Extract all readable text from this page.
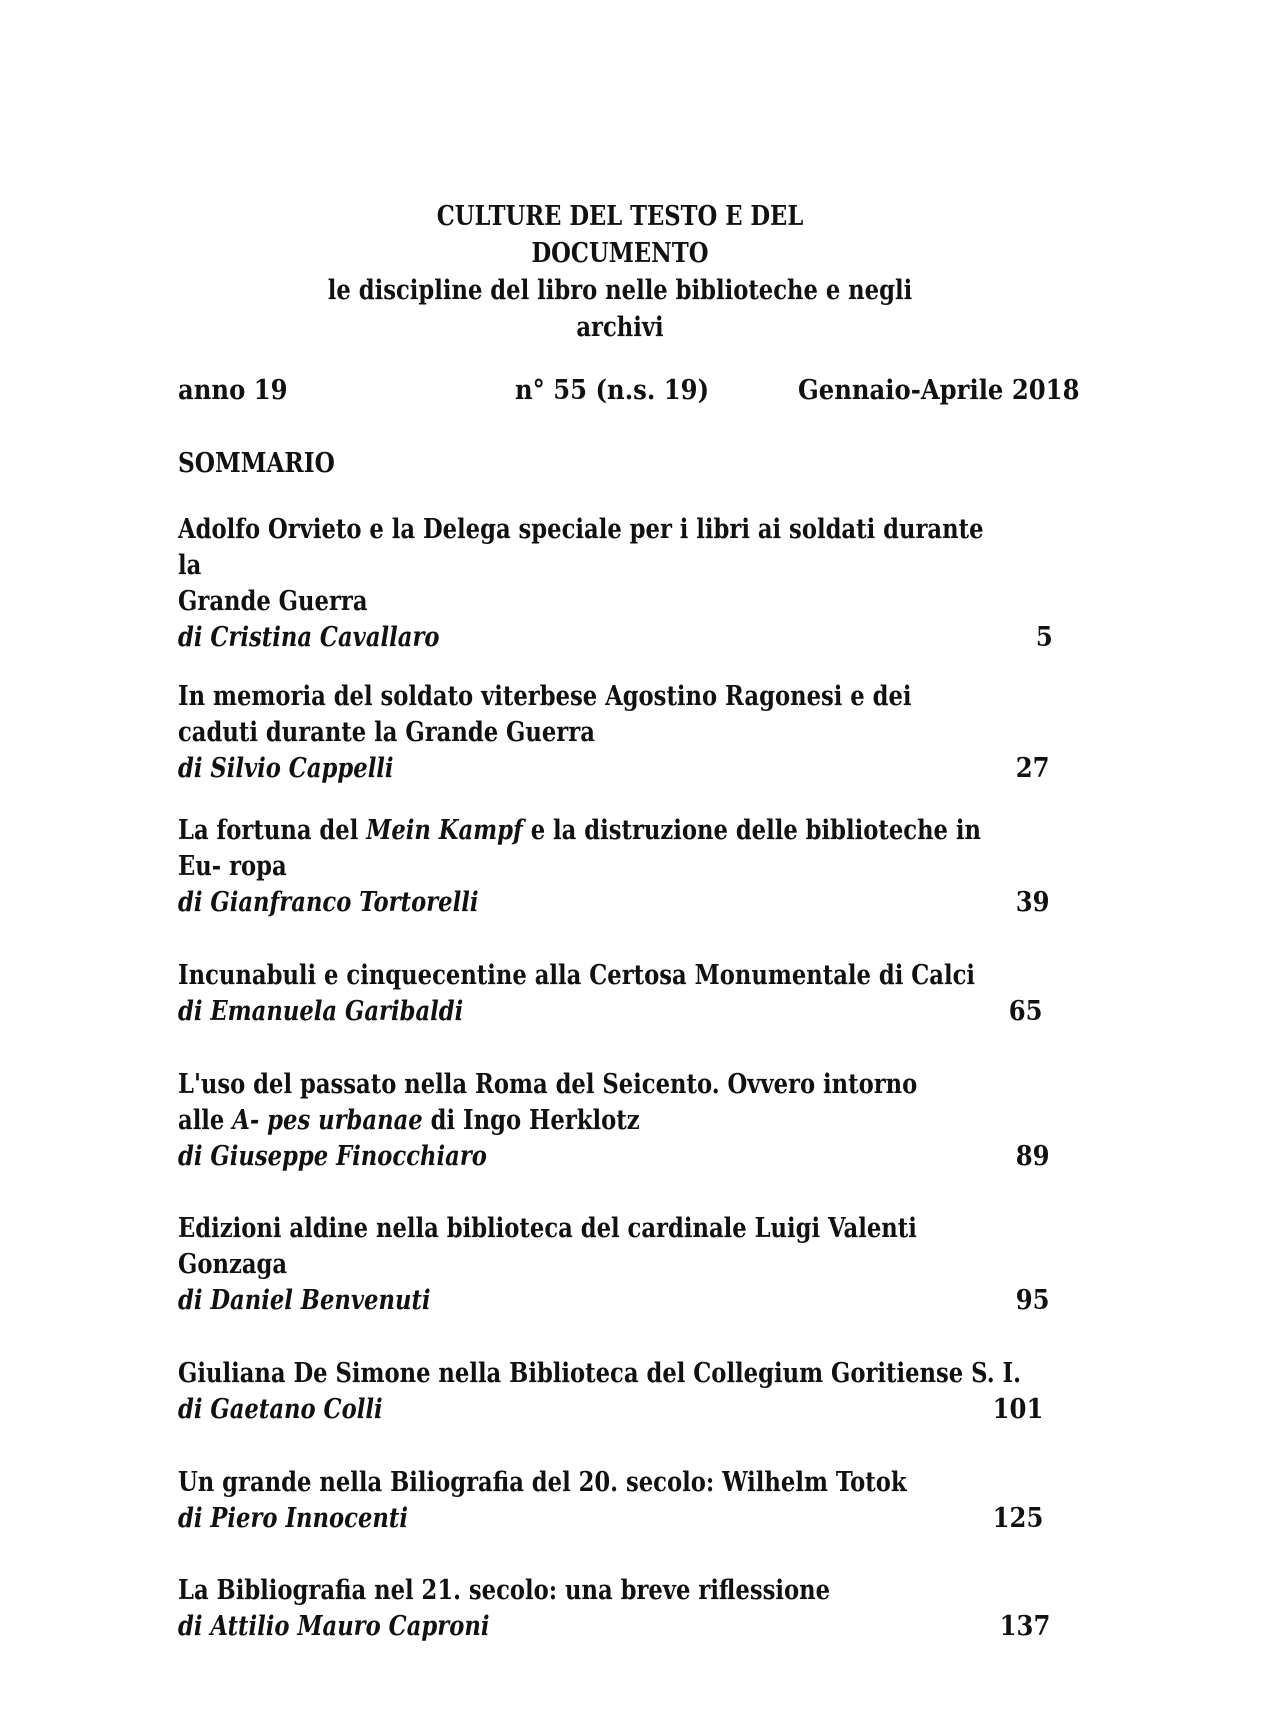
CULTURE DEL TESTO E DEL
DOCUMENTO
le discipline del libro nelle biblioteche e negli
archivi
anno 19	n° 55 (n.s. 19)	Gennaio-Aprile 2018
SOMMARIO
Adolfo Orvieto e la Delega speciale per i libri ai soldati durante
la
Grande Guerra
di Cristina Cavallaro	5
In memoria del soldato viterbese Agostino Ragonesi e dei
caduti durante la Grande Guerra
di Silvio Cappelli	27
La fortuna del Mein Kampf e la distruzione delle biblioteche in
Eu- ropa
di Gianfranco Tortorelli	39
Incunabuli e cinquecentine alla Certosa Monumentale di Calci
di Emanuela Garibaldi	65
L'uso del passato nella Roma del Seicento. Ovvero intorno
alle A- pes urbanae di Ingo Herklotz
di Giuseppe Finocchiaro	89
Edizioni aldine nella biblioteca del cardinale Luigi Valenti
Gonzaga
di Daniel Benvenuti	95
Giuliana De Simone nella Biblioteca del Collegium Goritiense S. I.
di Gaetano Colli	101
Un grande nella Biliografia del 20. secolo: Wilhelm Totok
di Piero Innocenti	125
La Bibliografia nel 21. secolo: una breve riflessione
di Attilio Mauro Caproni	137
